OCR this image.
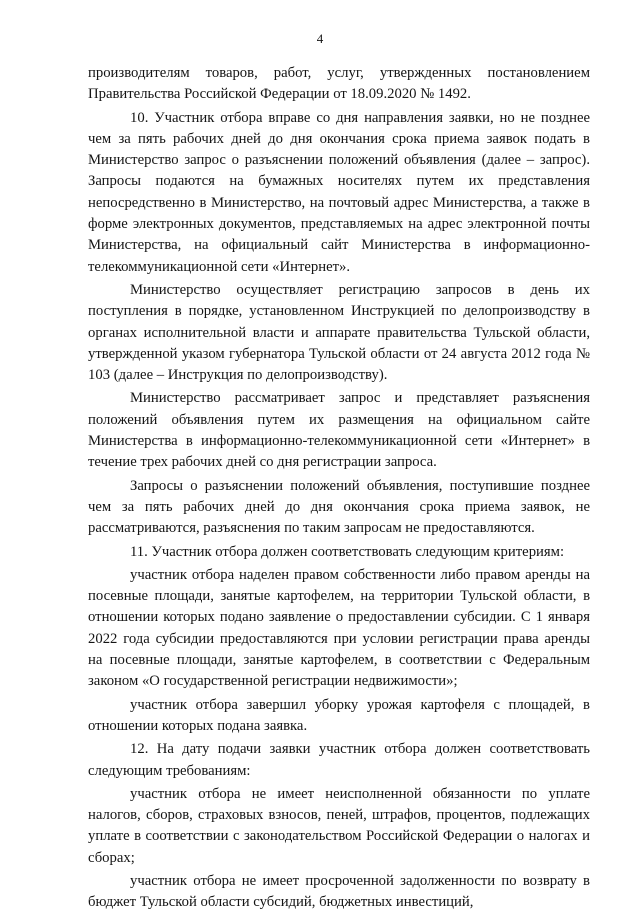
4

производителям товаров, работ, услуг, утвержденных постановлением Правительства Российской Федерации от 18.09.2020 № 1492.

10. Участник отбора вправе со дня направления заявки, но не позднее чем за пять рабочих дней до дня окончания срока приема заявок подать в Министерство запрос о разъяснении положений объявления (далее – запрос). Запросы подаются на бумажных носителях путем их представления непосредственно в Министерство, на почтовый адрес Министерства, а также в форме электронных документов, представляемых на адрес электронной почты Министерства, на официальный сайт Министерства в информационно-телекоммуникационной сети «Интернет».

Министерство осуществляет регистрацию запросов в день их поступления в порядке, установленном Инструкцией по делопроизводству в органах исполнительной власти и аппарате правительства Тульской области, утвержденной указом губернатора Тульской области от 24 августа 2012 года № 103 (далее – Инструкция по делопроизводству).

Министерство рассматривает запрос и представляет разъяснения положений объявления путем их размещения на официальном сайте Министерства в информационно-телекоммуникационной сети «Интернет» в течение трех рабочих дней со дня регистрации запроса.

Запросы о разъяснении положений объявления, поступившие позднее чем за пять рабочих дней до дня окончания срока приема заявок, не рассматриваются, разъяснения по таким запросам не предоставляются.

11. Участник отбора должен соответствовать следующим критериям:

участник отбора наделен правом собственности либо правом аренды на посевные площади, занятые картофелем, на территории Тульской области, в отношении которых подано заявление о предоставлении субсидии. С 1 января 2022 года субсидии предоставляются при условии регистрации права аренды на посевные площади, занятые картофелем, в соответствии с Федеральным законом «О государственной регистрации недвижимости»;

участник отбора завершил уборку урожая картофеля с площадей, в отношении которых подана заявка.

12. На дату подачи заявки участник отбора должен соответствовать следующим требованиям:

участник отбора не имеет неисполненной обязанности по уплате налогов, сборов, страховых взносов, пеней, штрафов, процентов, подлежащих уплате в соответствии с законодательством Российской Федерации о налогах и сборах;

участник отбора не имеет просроченной задолженности по возврату в бюджет Тульской области субсидий, бюджетных инвестиций,
